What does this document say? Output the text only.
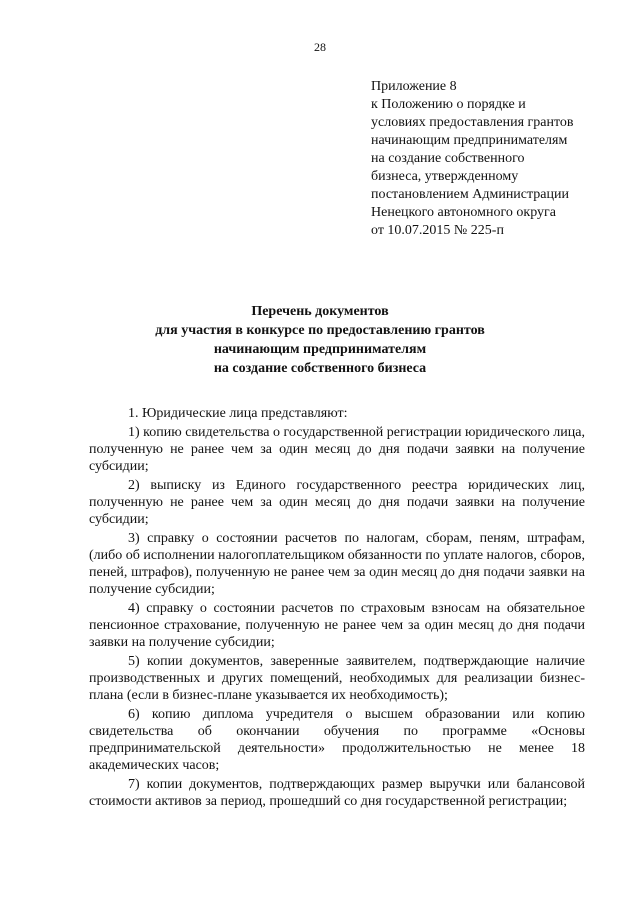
28
Приложение 8
к Положению о порядке и
условиях предоставления грантов
начинающим предпринимателям
на создание собственного
бизнеса, утвержденному
постановлением Администрации
Ненецкого автономного округа
от 10.07.2015 № 225-п
Перечень документов
для участия в конкурсе по предоставлению грантов
начинающим предпринимателям
на создание собственного бизнеса

1. Юридические лица представляют:

1) копию свидетельства о государственной регистрации юридического лица, полученную не ранее чем за один месяц до дня подачи заявки на получение субсидии;

2) выписку из Единого государственного реестра юридических лиц, полученную не ранее чем за один месяц до дня подачи заявки на получение субсидии;

3) справку о состоянии расчетов по налогам, сборам, пеням, штрафам, (либо об исполнении налогоплательщиком обязанности по уплате налогов, сборов, пеней, штрафов), полученную не ранее чем за один месяц до дня подачи заявки на получение субсидии;

4) справку о состоянии расчетов по страховым взносам на обязательное пенсионное страхование, полученную не ранее чем за один месяц до дня подачи заявки на получение субсидии;

5) копии документов, заверенные заявителем, подтверждающие наличие производственных и других помещений, необходимых для реализации бизнес-плана (если в бизнес-плане указывается их необходимость);

6) копию диплома учредителя о высшем образовании или копию свидетельства об окончании обучения по программе «Основы предпринимательской деятельности» продолжительностью не менее 18 академических часов;

7) копии документов, подтверждающих размер выручки или балансовой стоимости активов за период, прошедший со дня государственной регистрации;
